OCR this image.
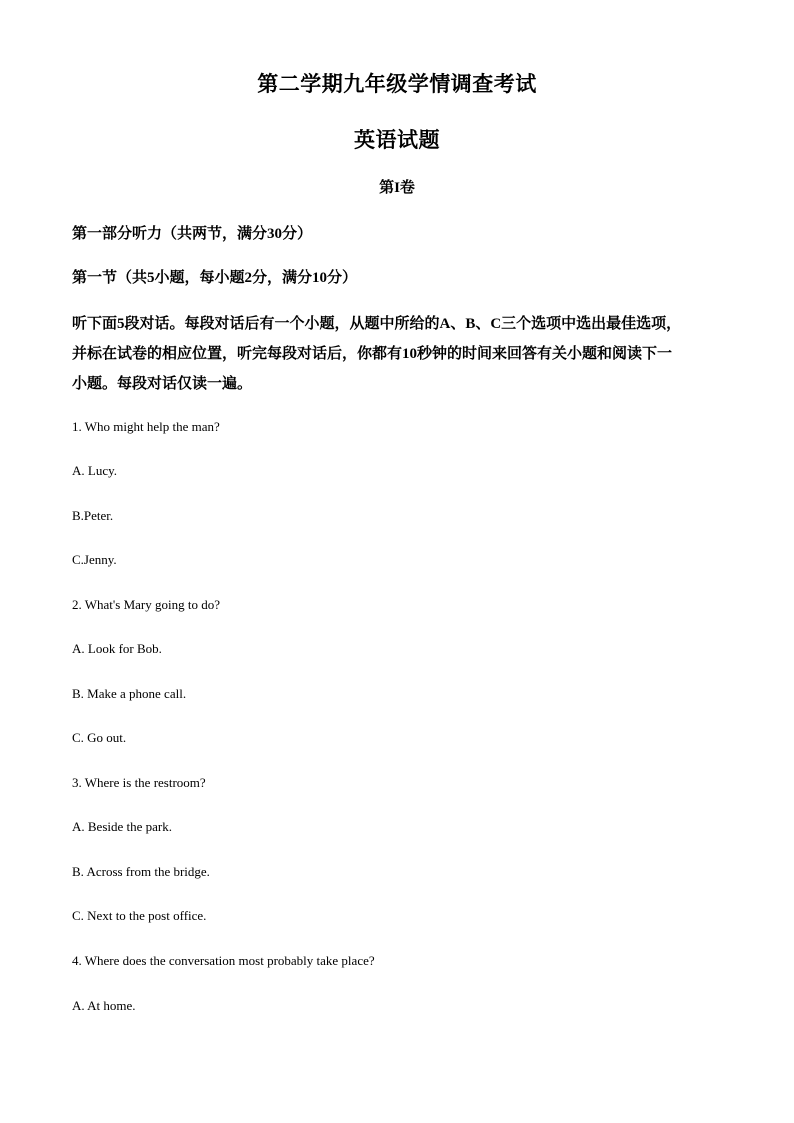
第二学期九年级学情调查考试
英语试题
第I卷
第一部分听力（共两节，满分30分）
第一节（共5小题，每小题2分，满分10分）
听下面5段对话。每段对话后有一个小题，从题中所给的A、B、C三个选项中选出最佳选项，
并标在试卷的相应位置，听完每段对话后，你都有10秒钟的时间来回答有关小题和阅读下一
小题。每段对话仅读一遍。
1. Who might help the man?
A. Lucy.
B.Peter.
C.Jenny.
2. What's Mary going to do?
A. Look for Bob.
B. Make a phone call.
C. Go out.
3. Where is the restroom?
A. Beside the park.
B. Across from the bridge.
C. Next to the post office.
4. Where does the conversation most probably take place?
A. At home.
